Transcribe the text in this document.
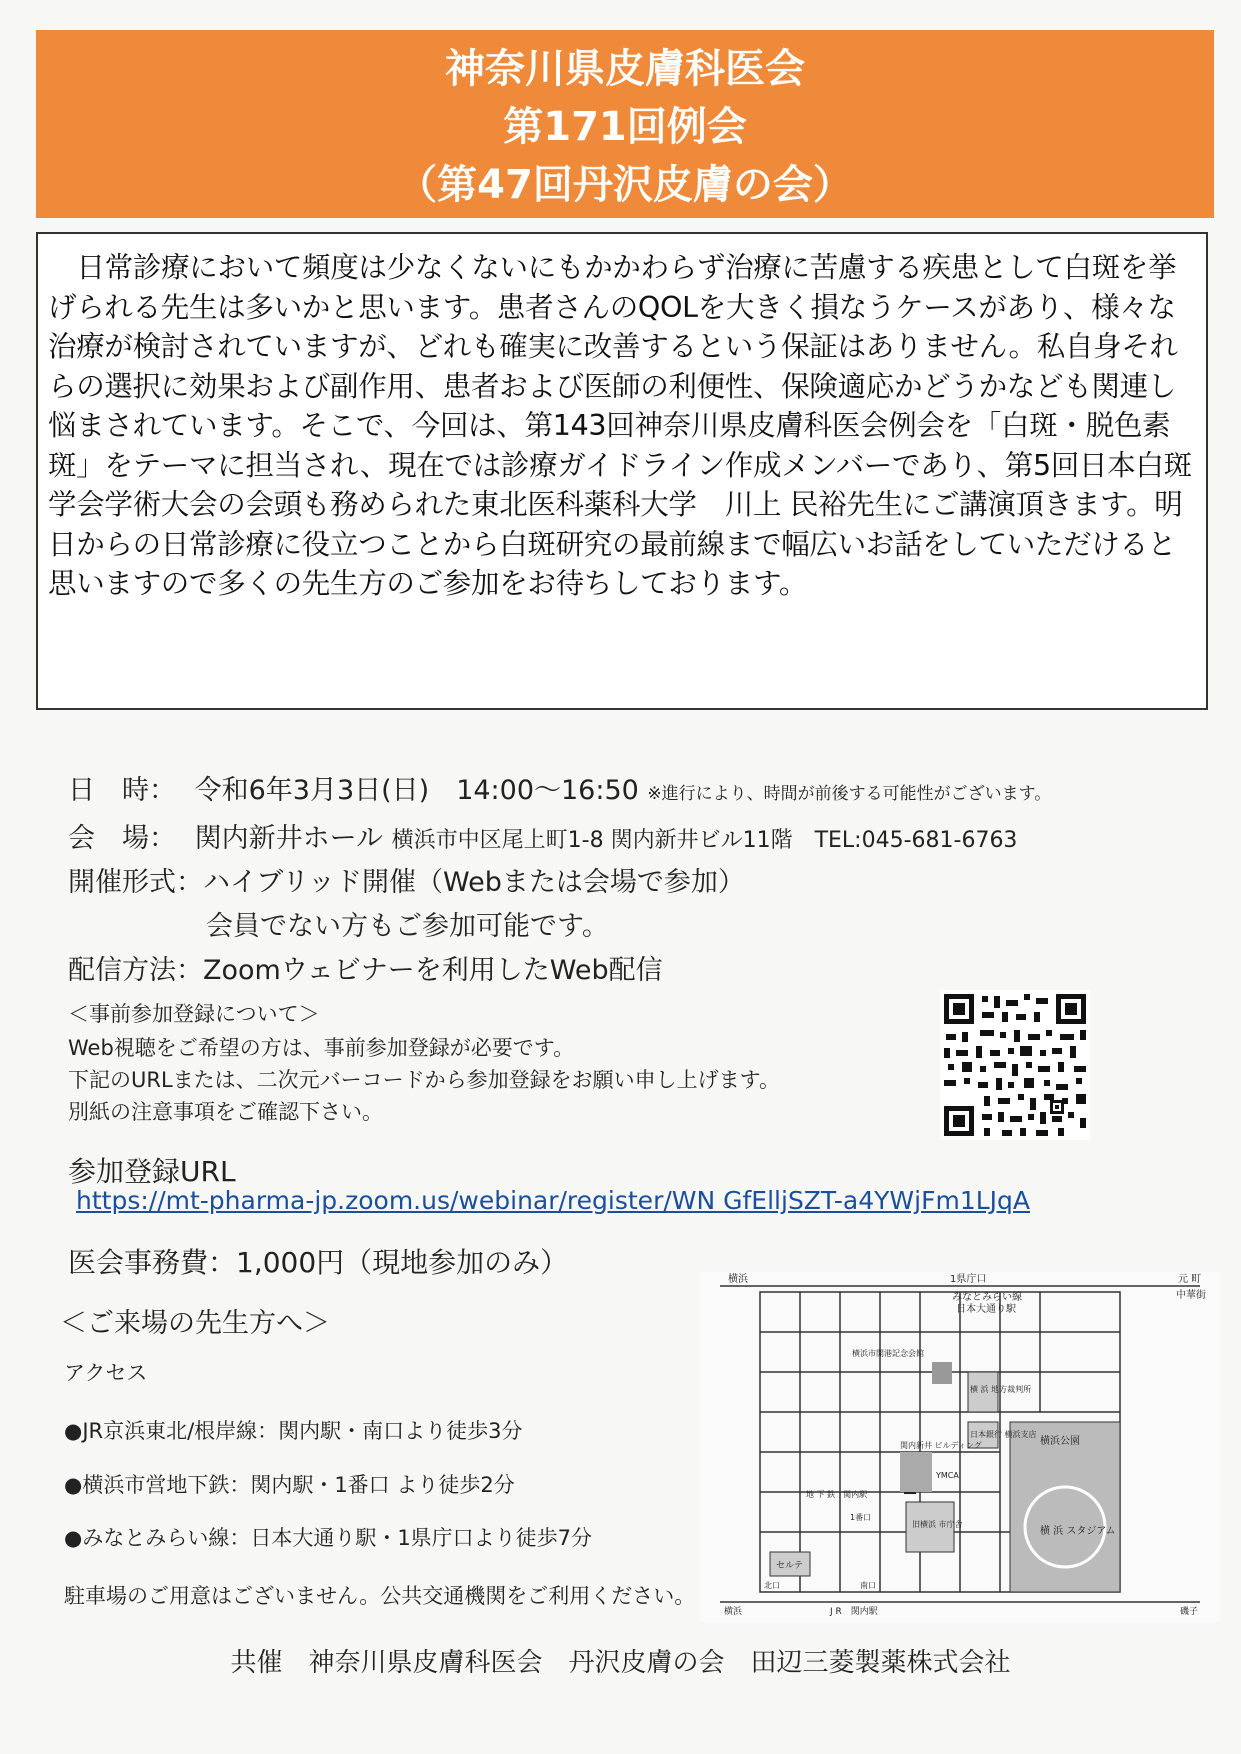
神奈川県皮膚科医会
第171回例会
（第47回丹沢皮膚の会）

日常診療において頻度は少なくないにもかかわらず治療に苦慮する疾患として白斑を挙げられる先生は多いかと思います。患者さんのQOLを大きく損なうケースがあり、様々な治療が検討されていますが、どれも確実に改善するという保証はありません。私自身それらの選択に効果および副作用、患者および医師の利便性、保険適応かどうかなども関連し悩まされています。そこで、今回は、第143回神奈川県皮膚科医会例会を「白斑・脱色素斑」をテーマに担当され、現在では診療ガイドライン作成メンバーであり、第5回日本白斑学会学術大会の会頭も務められた東北医科薬科大学　川上 民裕先生にご講演頂きます。明日からの日常診療に役立つことから白斑研究の最前線まで幅広いお話をしていただけると思いますので多くの先生方のご参加をお待ちしております。

日　時： 令和6年3月3日(日)　14:00〜16:50 ※進行により、時間が前後する可能性がございます。
会　場： 関内新井ホール 横浜市中区尾上町1-8 関内新井ビル11階　TEL:045-681-6763
開催形式：ハイブリッド開催（Webまたは会場で参加）
会員でない方もご参加可能です。
配信方法：Zoomウェビナーを利用したWeb配信
＜事前参加登録について＞
Web視聴をご希望の方は、事前参加登録が必要です。
下記のURLまたは、二次元バーコードから参加登録をお願い申し上げます。
別紙の注意事項をご確認下さい。
参加登録URL
https://mt-pharma-jp.zoom.us/webinar/register/WN GfElljSZT-a4YWjFm1LJqA
医会事務費：1,000円（現地参加のみ）
＜ご来場の先生方へ＞
アクセス
●JR京浜東北/根岸線：関内駅・南口より徒歩3分
●横浜市営地下鉄：関内駅・1番口 より徒歩2分
●みなとみらい線：日本大通り駅・1県庁口より徒歩7分
駐車場のご用意はございません。公共交通機関をご利用ください。
1県庁口
みなとみらい線
日本大通り駅
元 町
中華街
横浜
横浜市開港記念会館
横 浜 地方裁判所
日本銀行 横浜支店
横浜公園
横 浜 スタジアム
関内新井 ビルディング
YMCA
地 下 鉄　関内駅
1番口
旧横浜 市庁舎
セルテ
北口	南口
J R　関内駅
横浜	磯子
共催　神奈川県皮膚科医会　丹沢皮膚の会　田辺三菱製薬株式会社
